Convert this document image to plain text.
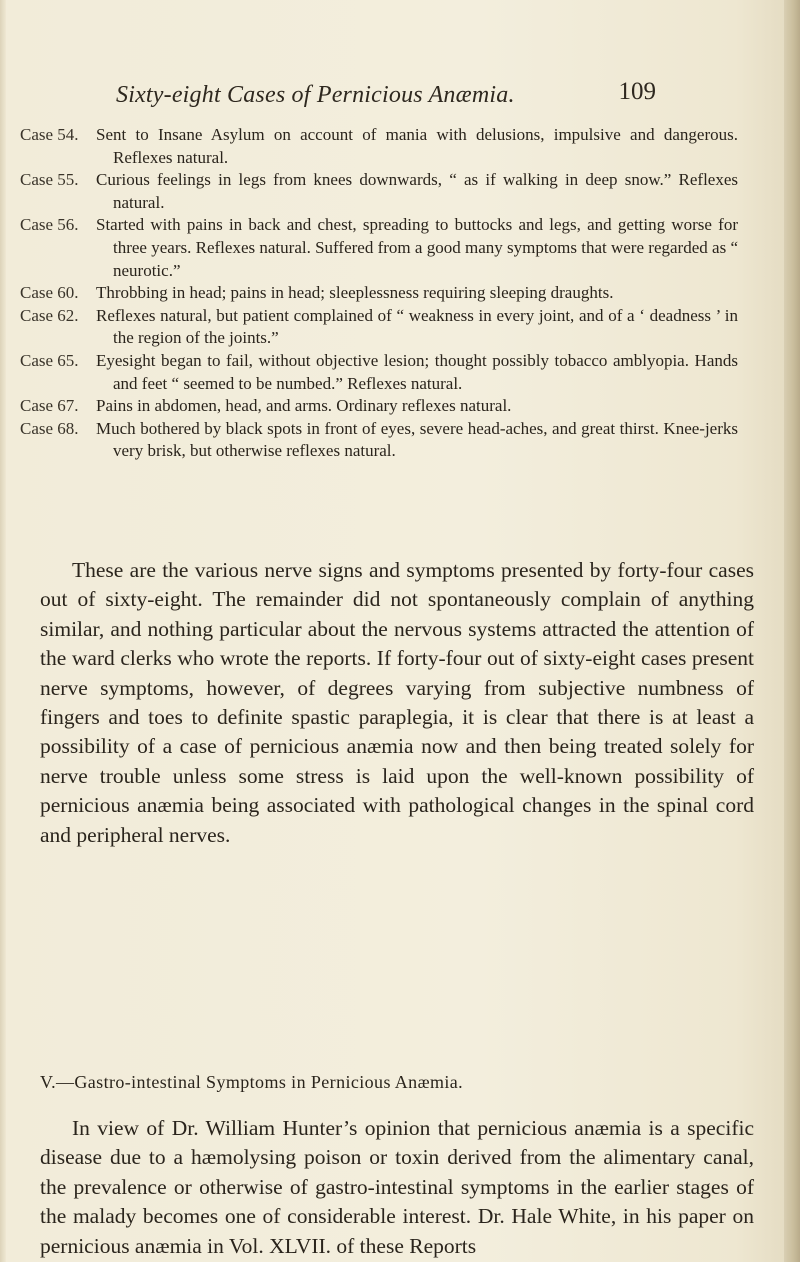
Sixty-eight Cases of Pernicious Anæmia.	109
Case 54.	Sent to Insane Asylum on account of mania with delusions, impulsive and dangerous. Reflexes natural.
Case 55.	Curious feelings in legs from knees downwards, “ as if walking in deep snow.” Reflexes natural.
Case 56.	Started with pains in back and chest, spreading to buttocks and legs, and getting worse for three years. Reflexes natural. Suffered from a good many symptoms that were regarded as “ neurotic.”
Case 60.	Throbbing in head; pains in head; sleeplessness requiring sleeping draughts.
Case 62.	Reflexes natural, but patient complained of “ weakness in every joint, and of a ‘ deadness ’ in the region of the joints.”
Case 65.	Eyesight began to fail, without objective lesion; thought possibly tobacco amblyopia. Hands and feet “ seemed to be numbed.” Reflexes natural.
Case 67.	Pains in abdomen, head, and arms. Ordinary reflexes natural.
Case 68.	Much bothered by black spots in front of eyes, severe head-aches, and great thirst. Knee-jerks very brisk, but otherwise reflexes natural.

These are the various nerve signs and symptoms presented by forty-four cases out of sixty-eight. The remainder did not spontaneously complain of anything similar, and nothing particular about the nervous systems attracted the attention of the ward clerks who wrote the reports. If forty-four out of sixty-eight cases present nerve symptoms, however, of degrees varying from subjective numbness of fingers and toes to definite spastic paraplegia, it is clear that there is at least a possibility of a case of pernicious anæmia now and then being treated solely for nerve trouble unless some stress is laid upon the well-known possibility of pernicious anæmia being associated with pathological changes in the spinal cord and peripheral nerves.

V.—Gastro-intestinal Symptoms in Pernicious Anæmia.

In view of Dr. William Hunter’s opinion that pernicious anæmia is a specific disease due to a hæmolysing poison or toxin derived from the alimentary canal, the prevalence or otherwise of gastro-intestinal symptoms in the earlier stages of the malady becomes one of considerable interest. Dr. Hale White, in his paper on pernicious anæmia in Vol. XLVII. of these Reports
